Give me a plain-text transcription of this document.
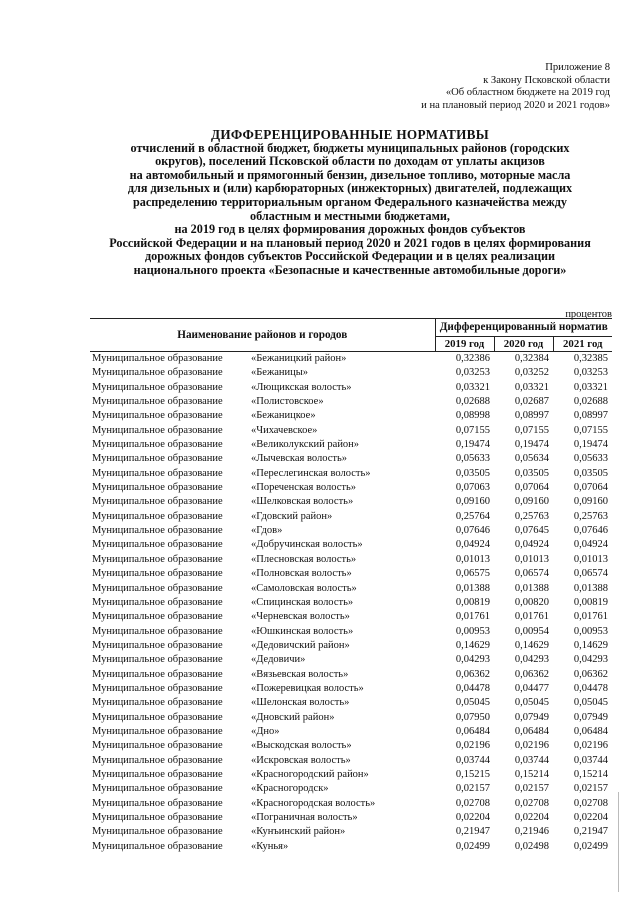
Приложение 8
к Закону Псковской области
«Об областном бюджете на 2019 год
и на плановый период 2020 и 2021 годов»
ДИФФЕРЕНЦИРОВАННЫЕ НОРМАТИВЫ
отчислений в областной бюджет, бюджеты муниципальных районов (городских
округов), поселений Псковской области по доходам от уплаты акцизов
на автомобильный и прямогонный бензин, дизельное топливо, моторные масла
для дизельных и (или) карбюраторных (инжекторных) двигателей, подлежащих
распределению территориальным органом Федерального казначейства между
областным и местными бюджетами,
на 2019 год в целях формирования дорожных фондов субъектов
Российской Федерации и на плановый период 2020 и 2021 годов в целях формирования
дорожных фондов субъектов Российской Федерации и в целях реализации
национального проекта «Безопасные и качественные автомобильные дороги»
процентов
Наименование районов и городов	Дифференцированный норматив		
	2019 год	2020 год	2021 год
Муниципальное образование «Бежаницкий район»	0,32386	0,32384	0,32385
Муниципальное образование «Бежаницы»	0,03253	0,03252	0,03253
Муниципальное образование «Лющикская волость»	0,03321	0,03321	0,03321
Муниципальное образование «Полистовское»	0,02688	0,02687	0,02688
Муниципальное образование «Бежаницкое»	0,08998	0,08997	0,08997
Муниципальное образование «Чихачевское»	0,07155	0,07155	0,07155
Муниципальное образование «Великолукский район»	0,19474	0,19474	0,19474
Муниципальное образование «Лычевская волость»	0,05633	0,05634	0,05633
Муниципальное образование «Переслегинская волость»	0,03505	0,03505	0,03505
Муниципальное образование «Пореченская волость»	0,07063	0,07064	0,07064
Муниципальное образование «Шелковская волость»	0,09160	0,09160	0,09160
Муниципальное образование «Гдовский район»	0,25764	0,25763	0,25763
Муниципальное образование «Гдов»	0,07646	0,07645	0,07646
Муниципальное образование «Добручинская волость»	0,04924	0,04924	0,04924
Муниципальное образование «Плесновская волость»	0,01013	0,01013	0,01013
Муниципальное образование «Полновская волость»	0,06575	0,06574	0,06574
Муниципальное образование «Самоловская волость»	0,01388	0,01388	0,01388
Муниципальное образование «Спицинская волость»	0,00819	0,00820	0,00819
Муниципальное образование «Черневская волость»	0,01761	0,01761	0,01761
Муниципальное образование «Юшкинская волость»	0,00953	0,00954	0,00953
Муниципальное образование «Дедовичский район»	0,14629	0,14629	0,14629
Муниципальное образование «Дедовичи»	0,04293	0,04293	0,04293
Муниципальное образование «Вязьевская волость»	0,06362	0,06362	0,06362
Муниципальное образование «Пожеревицкая волость»	0,04478	0,04477	0,04478
Муниципальное образование «Шелонская волость»	0,05045	0,05045	0,05045
Муниципальное образование «Дновский район»	0,07950	0,07949	0,07949
Муниципальное образование «Дно»	0,06484	0,06484	0,06484
Муниципальное образование «Выскодская волость»	0,02196	0,02196	0,02196
Муниципальное образование «Искровская волость»	0,03744	0,03744	0,03744
Муниципальное образование «Красногородский район»	0,15215	0,15214	0,15214
Муниципальное образование «Красногородск»	0,02157	0,02157	0,02157
Муниципальное образование «Красногородская волость»	0,02708	0,02708	0,02708
Муниципальное образование «Пограничная волость»	0,02204	0,02204	0,02204
Муниципальное образование «Кунъинский район»	0,21947	0,21946	0,21947
Муниципальное образование «Кунья»	0,02499	0,02498	0,02499
